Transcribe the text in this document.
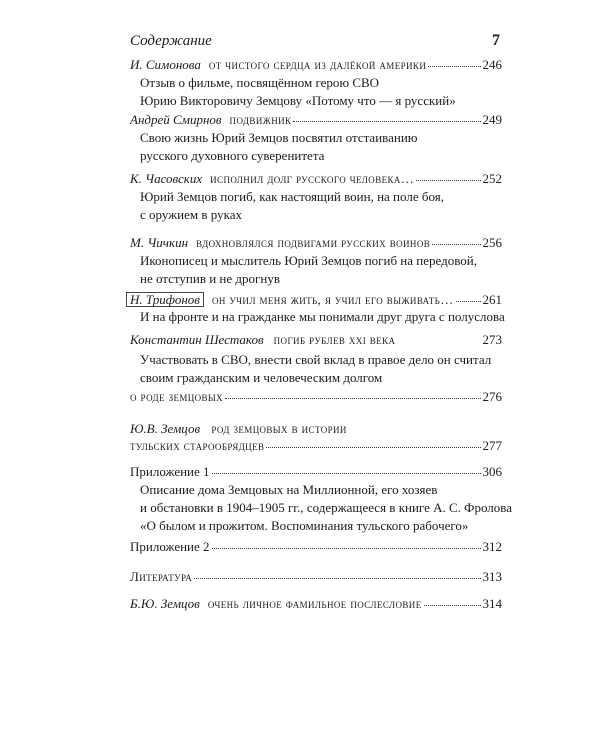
Содержание	7
И. Симонова от чистого сердца из далёкой америки	246
Отзыв о фильме, посвящённом герою СВО
Юрию Викторовичу Земцову «Потому что — я русский»
Андрей Смирнов подвижник	249
Свою жизнь Юрий Земцов посвятил отстаиванию
русского духовного суверенитета
К. Часовских исполнил долг русского человека…	252
Юрий Земцов погиб, как настоящий воин, на поле боя,
с оружием в руках
М. Чичкин вдохновлялся подвигами русских воинов	256
Иконописец и мыслитель Юрий Земцов погиб на передовой,
не отступив и не дрогнув
Н. Трифонов он учил меня жить, я учил его выживать… 261
И на фронте и на гражданке мы понимали друг друга с полуслова
Константин Шестаков погиб рублев xxi века	273
Участвовать в СВО, внести свой вклад в правое дело он считал
своим гражданским и человеческим долгом
о роде земцовых	276
Ю.В. Земцов род земцовых в истории
тульских старообрядцев	277
Приложение 1	306
Описание дома Земцовых на Миллионной, его хозяев
и обстановки в 1904–1905 гг., содержащееся в книге А. С. Фролова
«О былом и прожитом. Воспоминания тульского рабочего»
Приложение 2	312
Литература	313
Б.Ю. Земцов очень личное фамильное послесловие	314
